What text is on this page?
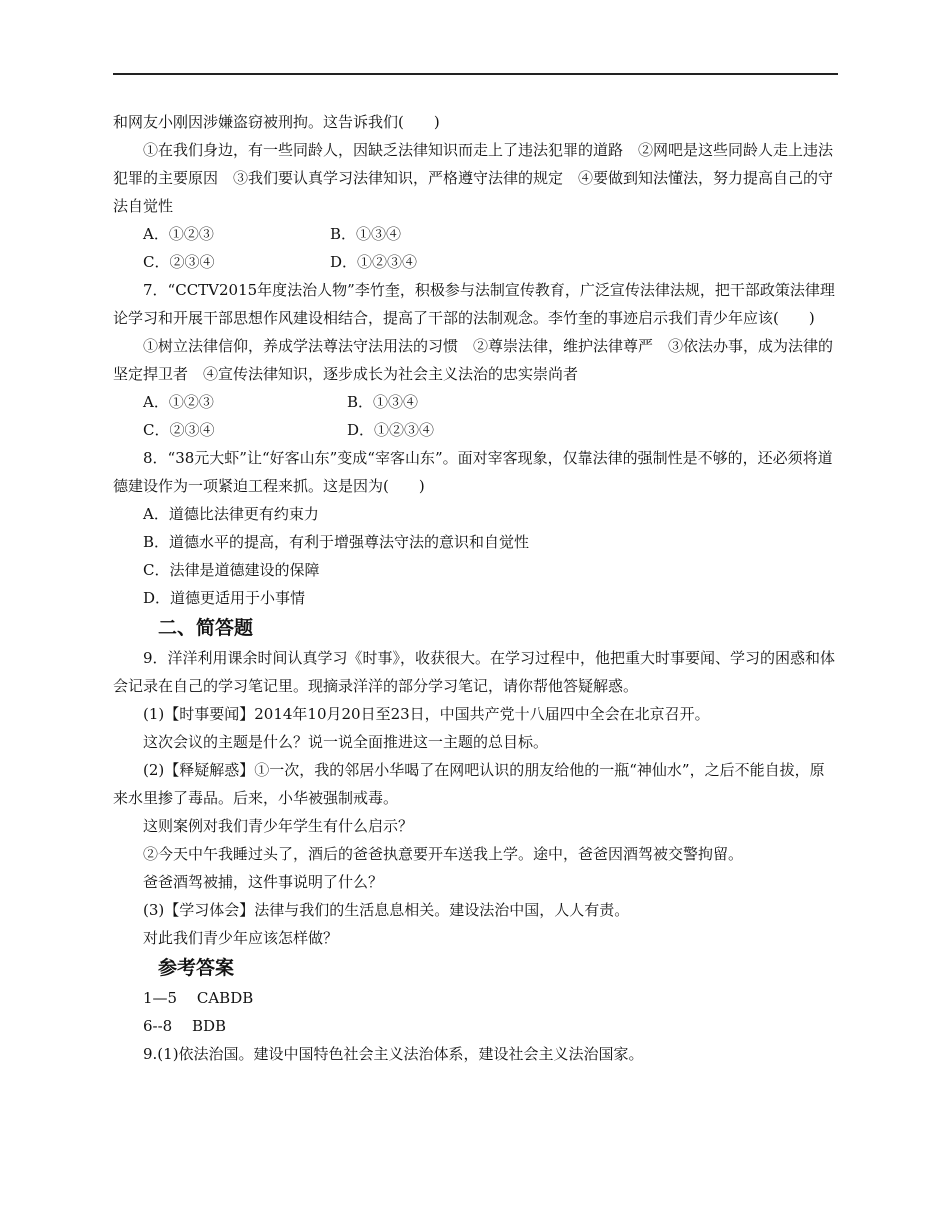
和网友小刚因涉嫌盗窃被刑拘。这告诉我们(　　)

①在我们身边，有一些同龄人，因缺乏法律知识而走上了违法犯罪的道路　②网吧是这些同龄人走上违法犯罪的主要原因　③我们要认真学习法律知识，严格遵守法律的规定　④要做到知法懂法，努力提高自己的守法自觉性

A．①②③	B．①③④
C．②③④	D．①②③④

7．“CCTV2015年度法治人物”李竹奎，积极参与法制宣传教育，广泛宣传法律法规，把干部政策法律理论学习和开展干部思想作风建设相结合，提高了干部的法制观念。李竹奎的事迹启示我们青少年应该(　　)

①树立法律信仰，养成学法尊法守法用法的习惯　②尊崇法律，维护法律尊严　③依法办事，成为法律的坚定捍卫者　④宣传法律知识，逐步成长为社会主义法治的忠实崇尚者

A．①②③	B．①③④
C．②③④	D．①②③④

8．“38元大虾”让“好客山东”变成“宰客山东”。面对宰客现象，仅靠法律的强制性是不够的，还必须将道德建设作为一项紧迫工程来抓。这是因为(　　)

A．道德比法律更有约束力

B．道德水平的提高，有利于增强尊法守法的意识和自觉性

C．法律是道德建设的保障

D．道德更适用于小事情

二、简答题

9．洋洋利用课余时间认真学习《时事》，收获很大。在学习过程中，他把重大时事要闻、学习的困惑和体会记录在自己的学习笔记里。现摘录洋洋的部分学习笔记，请你帮他答疑解惑。

(1)【时事要闻】2014年10月20日至23日，中国共产党十八届四中全会在北京召开。

这次会议的主题是什么？说一说全面推进这一主题的总目标。

(2)【释疑解惑】①一次，我的邻居小华喝了在网吧认识的朋友给他的一瓶“神仙水”，之后不能自拔，原来水里掺了毒品。后来，小华被强制戒毒。

这则案例对我们青少年学生有什么启示？

②今天中午我睡过头了，酒后的爸爸执意要开车送我上学。途中，爸爸因酒驾被交警拘留。

爸爸酒驾被捕，这件事说明了什么？

(3)【学习体会】法律与我们的生活息息相关。建设法治中国，人人有责。

对此我们青少年应该怎样做？

参考答案

1—5　 CABDB

6--8　 BDB

9.(1)依法治国。建设中国特色社会主义法治体系，建设社会主义法治国家。
